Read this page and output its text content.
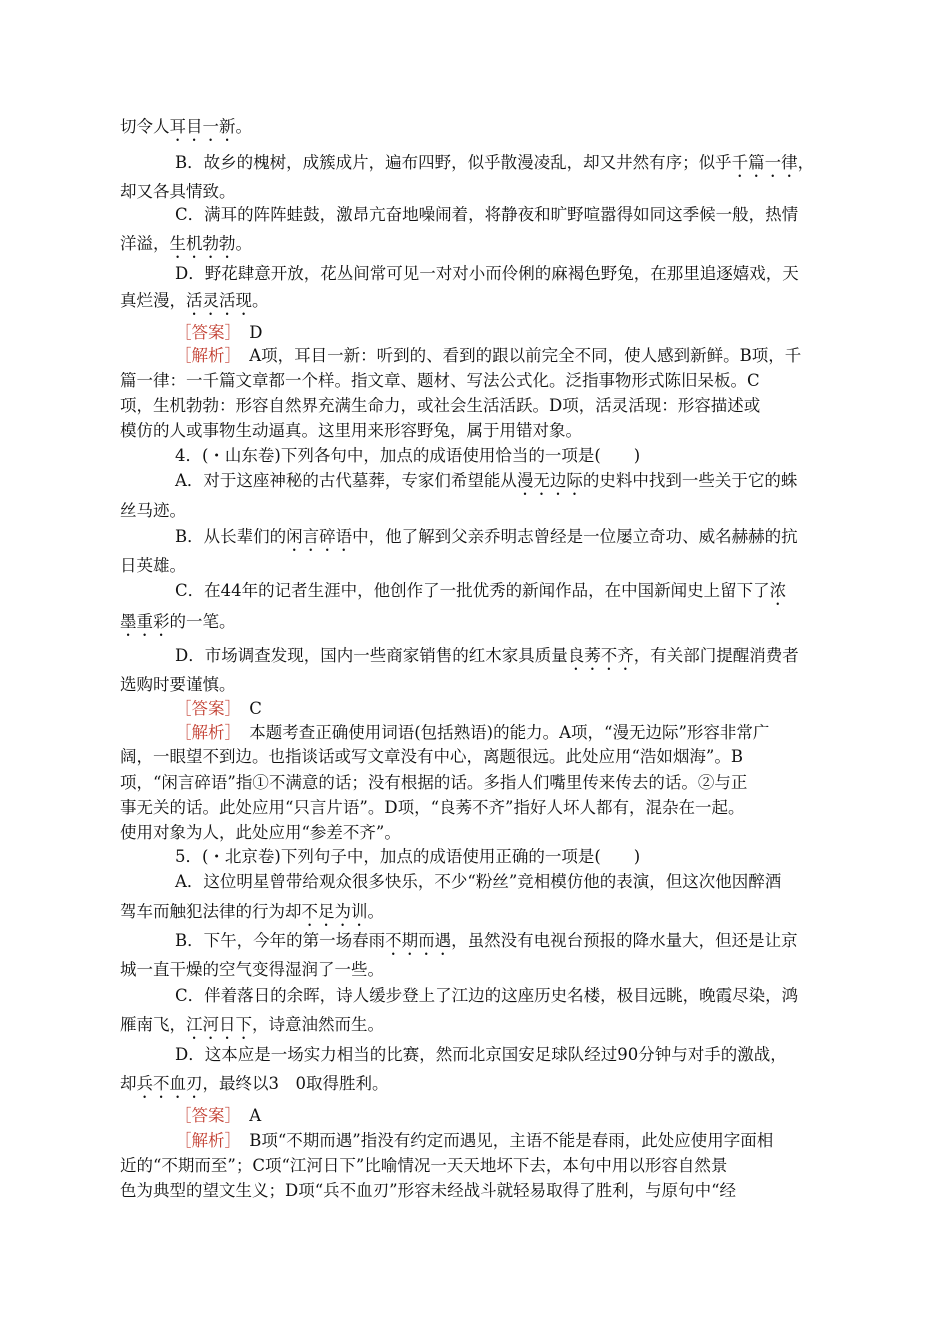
切令人耳目一新。
B．故乡的槐树，成簇成片，遍布四野，似乎散漫凌乱，却又井然有序；似乎千篇一律，
却又各具情致。
C．满耳的阵阵蛙鼓，激昂亢奋地噪闹着，将静夜和旷野喧嚣得如同这季候一般，热情
洋溢，生机勃勃。
D．野花肆意开放，花丛间常可见一对对小而伶俐的麻褐色野兔，在那里追逐嬉戏，天
真烂漫，活灵活现。
［答案］　D
［解析］　A项，耳目一新：听到的、看到的跟以前完全不同，使人感到新鲜。B项，千
篇一律：一千篇文章都一个样。指文章、题材、写法公式化。泛指事物形式陈旧呆板。C
项，生机勃勃：形容自然界充满生命力，或社会生活活跃。D项，活灵活现：形容描述或
模仿的人或事物生动逼真。这里用来形容野兔，属于用错对象。
4．(・山东卷)下列各句中，加点的成语使用恰当的一项是(　　)
A．对于这座神秘的古代墓葬，专家们希望能从漫无边际的史料中找到一些关于它的蛛
丝马迹。
B．从长辈们的闲言碎语中，他了解到父亲乔明志曾经是一位屡立奇功、威名赫赫的抗
日英雄。
C．在44年的记者生涯中，他创作了一批优秀的新闻作品，在中国新闻史上留下了浓
墨重彩的一笔。
D．市场调查发现，国内一些商家销售的红木家具质量良莠不齐，有关部门提醒消费者
选购时要谨慎。
［答案］　C
［解析］　本题考查正确使用词语(包括熟语)的能力。A项，“漫无边际”形容非常广
阔，一眼望不到边。也指谈话或写文章没有中心，离题很远。此处应用“浩如烟海”。B
项，“闲言碎语”指①不满意的话；没有根据的话。多指人们嘴里传来传去的话。②与正
事无关的话。此处应用“只言片语”。D项，“良莠不齐”指好人坏人都有，混杂在一起。
使用对象为人，此处应用“参差不齐”。
5．(・北京卷)下列句子中，加点的成语使用正确的一项是(　　)
A．这位明星曾带给观众很多快乐，不少“粉丝”竞相模仿他的表演，但这次他因醉酒
驾车而触犯法律的行为却不足为训。
B．下午，今年的第一场春雨不期而遇，虽然没有电视台预报的降水量大，但还是让京
城一直干燥的空气变得湿润了一些。
C．伴着落日的余晖，诗人缓步登上了江边的这座历史名楼，极目远眺，晚霞尽染，鸿
雁南飞，江河日下，诗意油然而生。
D．这本应是一场实力相当的比赛，然而北京国安足球队经过90分钟与对手的激战，
却兵不血刃，最终以3　0取得胜利。
［答案］　A
［解析］　B项“不期而遇”指没有约定而遇见，主语不能是春雨，此处应使用字面相
近的“不期而至”；C项“江河日下”比喻情况一天天地坏下去，本句中用以形容自然景
色为典型的望文生义；D项“兵不血刃”形容未经战斗就轻易取得了胜利，与原句中“经
